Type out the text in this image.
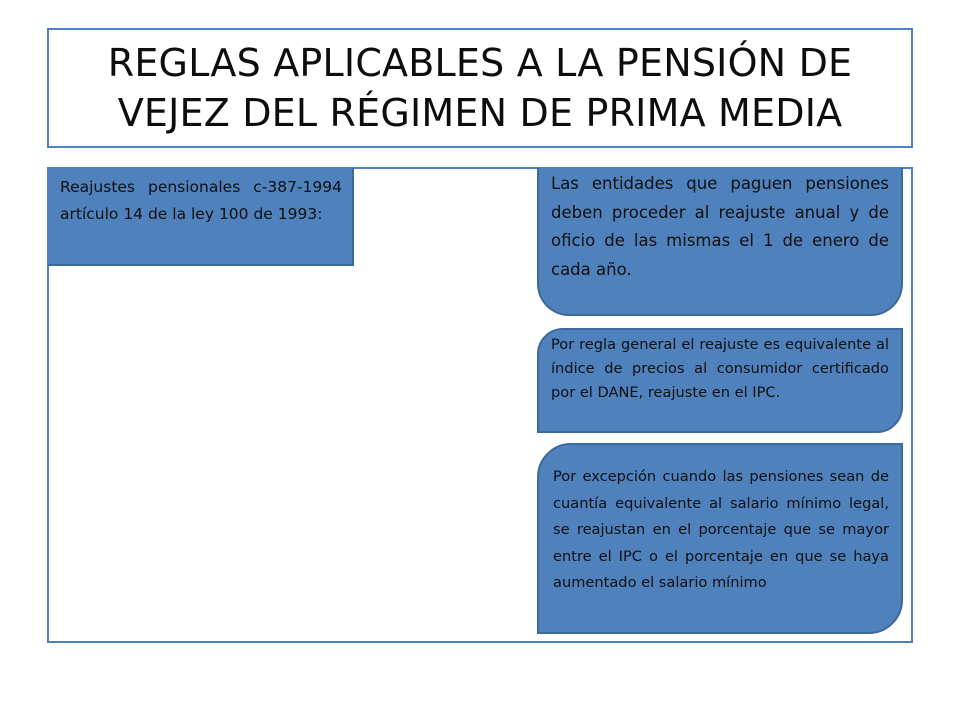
REGLAS APLICABLES A LA PENSIÓN DE VEJEZ DEL RÉGIMEN DE PRIMA MEDIA
Reajustes pensionales c-387-1994 artículo 14 de la ley 100 de 1993:
Las entidades que paguen pensiones deben proceder al reajuste anual y de oficio de las mismas el 1 de enero de cada año.
Por regla general el reajuste es equivalente al índice de precios al consumidor certificado por el DANE, reajuste en el IPC.
Por excepción cuando las pensiones sean de cuantía equivalente al salario mínimo legal, se reajustan en el porcentaje que se mayor entre el IPC o el porcentaje en que se haya aumentado el salario mínimo
